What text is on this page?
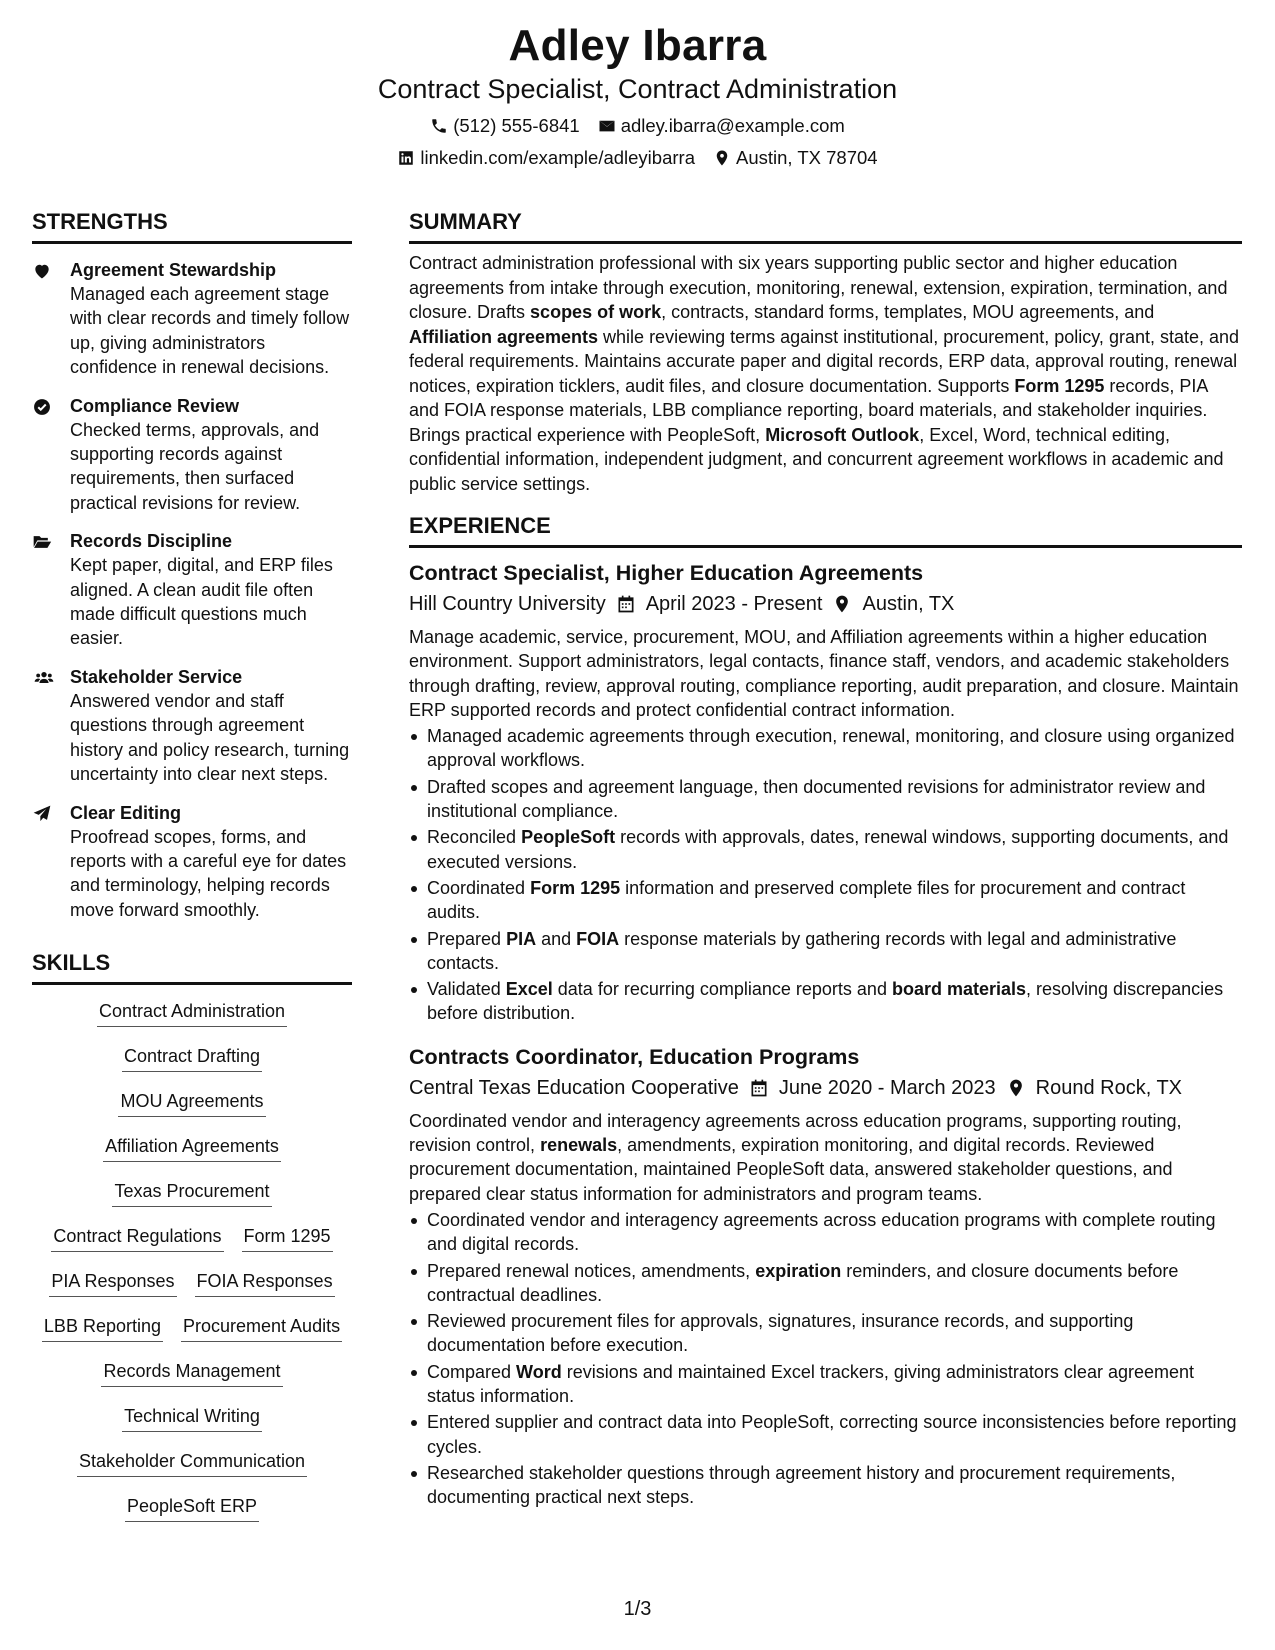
Adley Ibarra
Contract Specialist, Contract Administration
(512) 555-6841 adley.ibarra@example.com
linkedin.com/example/adleyibarra Austin, TX 78704
STRENGTHS
Agreement Stewardship
Managed each agreement stage with clear records and timely follow up, giving administrators confidence in renewal decisions.
Compliance Review
Checked terms, approvals, and supporting records against requirements, then surfaced practical revisions for review.
Records Discipline
Kept paper, digital, and ERP files aligned. A clean audit file often made difficult questions much easier.
Stakeholder Service
Answered vendor and staff questions through agreement history and policy research, turning uncertainty into clear next steps.
Clear Editing
Proofread scopes, forms, and reports with a careful eye for dates and terminology, helping records move forward smoothly.
SKILLS
Contract Administration
Contract Drafting
MOU Agreements
Affiliation Agreements
Texas Procurement
Contract Regulations Form 1295
PIA Responses FOIA Responses
LBB Reporting Procurement Audits
Records Management
Technical Writing
Stakeholder Communication
PeopleSoft ERP
SUMMARY

Contract administration professional with six years supporting public sector and higher education agreements from intake through execution, monitoring, renewal, extension, expiration, termination, and closure. Drafts scopes of work, contracts, standard forms, templates, MOU agreements, and Affiliation agreements while reviewing terms against institutional, procurement, policy, grant, state, and federal requirements. Maintains accurate paper and digital records, ERP data, approval routing, renewal notices, expiration ticklers, audit files, and closure documentation. Supports Form 1295 records, PIA and FOIA response materials, LBB compliance reporting, board materials, and stakeholder inquiries. Brings practical experience with PeopleSoft, Microsoft Outlook, Excel, Word, technical editing, confidential information, independent judgment, and concurrent agreement workflows in academic and public service settings.

EXPERIENCE
Contract Specialist, Higher Education Agreements
Hill Country University April 2023 - Present Austin, TX

Manage academic, service, procurement, MOU, and Affiliation agreements within a higher education environment. Support administrators, legal contacts, finance staff, vendors, and academic stakeholders through drafting, review, approval routing, compliance reporting, audit preparation, and closure. Maintain ERP supported records and protect confidential contract information.

Managed academic agreements through execution, renewal, monitoring, and closure using organized approval workflows.
Drafted scopes and agreement language, then documented revisions for administrator review and institutional compliance.
Reconciled PeopleSoft records with approvals, dates, renewal windows, supporting documents, and executed versions.
Coordinated Form 1295 information and preserved complete files for procurement and contract audits.
Prepared PIA and FOIA response materials by gathering records with legal and administrative contacts.
Validated Excel data for recurring compliance reports and board materials, resolving discrepancies before distribution.
Contracts Coordinator, Education Programs
Central Texas Education Cooperative June 2020 - March 2023 Round Rock, TX

Coordinated vendor and interagency agreements across education programs, supporting routing, revision control, renewals, amendments, expiration monitoring, and digital records. Reviewed procurement documentation, maintained PeopleSoft data, answered stakeholder questions, and prepared clear status information for administrators and program teams.

Coordinated vendor and interagency agreements across education programs with complete routing and digital records.
Prepared renewal notices, amendments, expiration reminders, and closure documents before contractual deadlines.
Reviewed procurement files for approvals, signatures, insurance records, and supporting documentation before execution.
Compared Word revisions and maintained Excel trackers, giving administrators clear agreement status information.
Entered supplier and contract data into PeopleSoft, correcting source inconsistencies before reporting cycles.
Researched stakeholder questions through agreement history and procurement requirements, documenting practical next steps.
1/3
